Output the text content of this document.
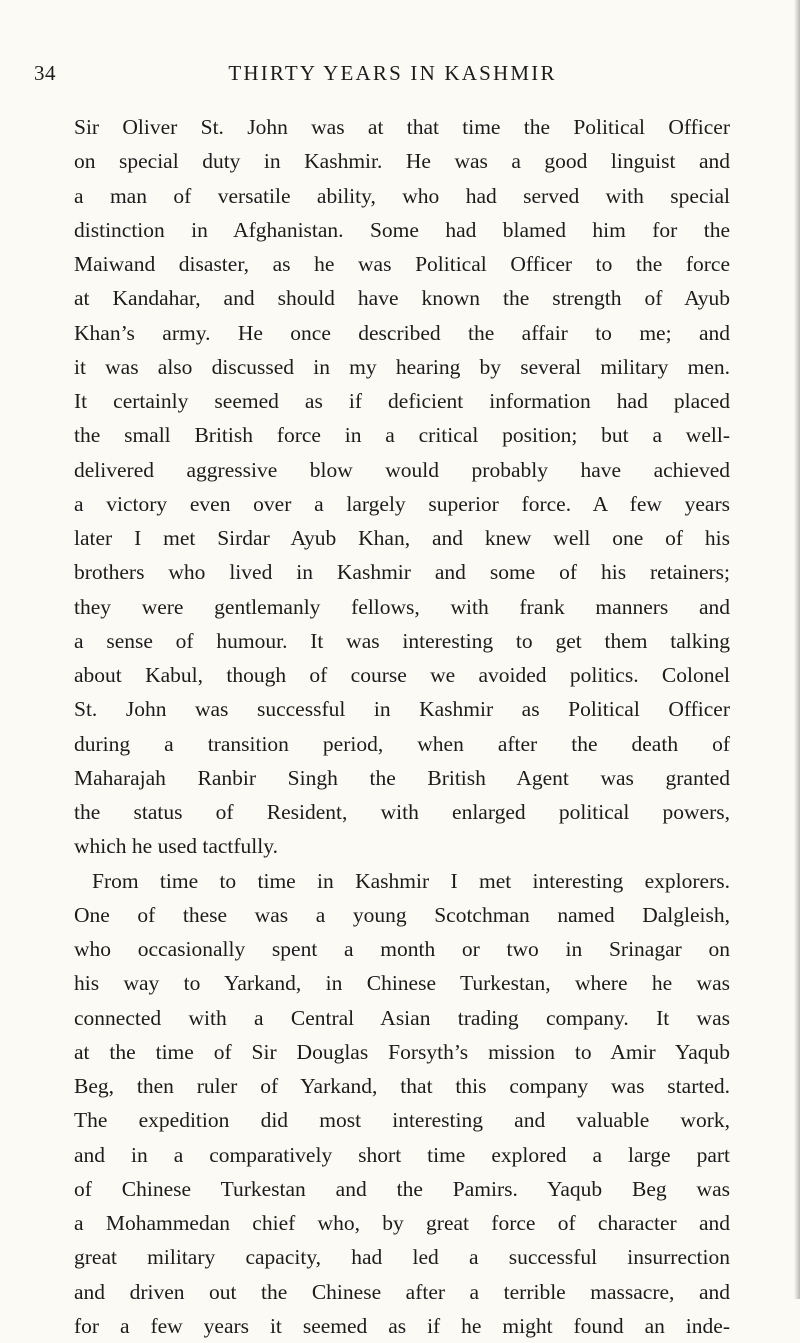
34	THIRTY YEARS IN KASHMIR
Sir Oliver St. John was at that time the Political Officer
on special duty in Kashmir. He was a good linguist and
a man of versatile ability, who had served with special
distinction in Afghanistan. Some had blamed him for the
Maiwand disaster, as he was Political Officer to the force
at Kandahar, and should have known the strength of Ayub
Khan’s army. He once described the affair to me; and
it was also discussed in my hearing by several military men.
It certainly seemed as if deficient information had placed
the small British force in a critical position; but a well-
delivered aggressive blow would probably have achieved
a victory even over a largely superior force. A few years
later I met Sirdar Ayub Khan, and knew well one of his
brothers who lived in Kashmir and some of his retainers;
they were gentlemanly fellows, with frank manners and
a sense of humour. It was interesting to get them talking
about Kabul, though of course we avoided politics. Colonel
St. John was successful in Kashmir as Political Officer
during a transition period, when after the death of
Maharajah Ranbir Singh the British Agent was granted
the status of Resident, with enlarged political powers,
which he used tactfully.
From time to time in Kashmir I met interesting explorers.
One of these was a young Scotchman named Dalgleish,
who occasionally spent a month or two in Srinagar on
his way to Yarkand, in Chinese Turkestan, where he was
connected with a Central Asian trading company. It was
at the time of Sir Douglas Forsyth’s mission to Amir Yaqub
Beg, then ruler of Yarkand, that this company was started.
The expedition did most interesting and valuable work,
and in a comparatively short time explored a large part
of Chinese Turkestan and the Pamirs. Yaqub Beg was
a Mohammedan chief who, by great force of character and
great military capacity, had led a successful insurrection
and driven out the Chinese after a terrible massacre, and
for a few years it seemed as if he might found an inde-
